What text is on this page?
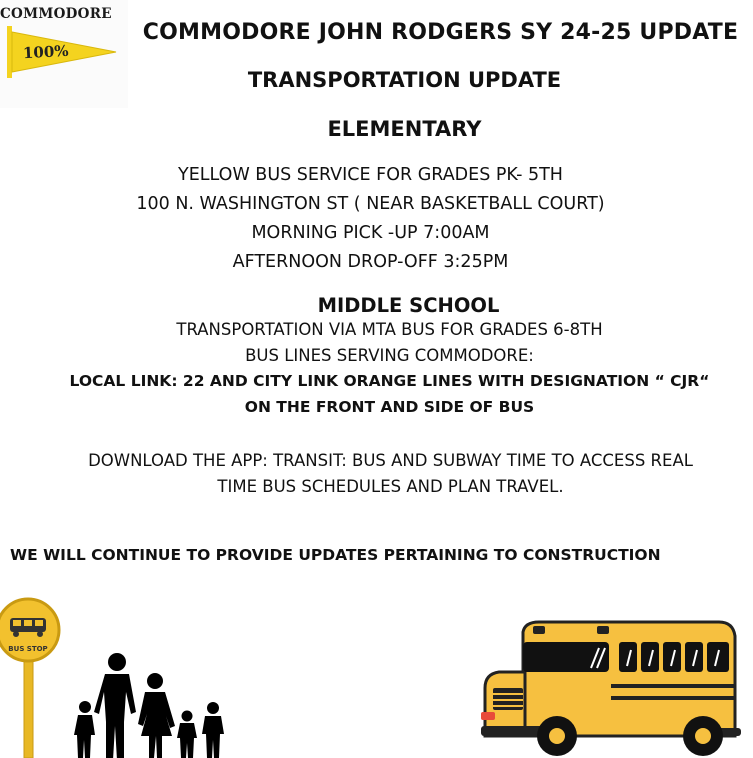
COMMODORE
100%
COMMODORE JOHN RODGERS SY 24-25 UPDATE
TRANSPORTATION UPDATE
ELEMENTARY
YELLOW BUS SERVICE FOR GRADES PK- 5TH
100 N. WASHINGTON ST ( NEAR BASKETBALL COURT)
MORNING PICK -UP 7:00AM
AFTERNOON DROP-OFF 3:25PM
MIDDLE SCHOOL
TRANSPORTATION VIA MTA BUS FOR GRADES 6-8TH
BUS LINES SERVING COMMODORE:
LOCAL LINK: 22 AND CITY LINK ORANGE LINES WITH DESIGNATION “ CJR“
ON THE FRONT AND SIDE OF BUS
DOWNLOAD THE APP: TRANSIT: BUS AND SUBWAY TIME TO ACCESS REAL
TIME BUS SCHEDULES AND PLAN TRAVEL.
WE WILL CONTINUE TO PROVIDE UPDATES PERTAINING TO CONSTRUCTION
BUS STOP
